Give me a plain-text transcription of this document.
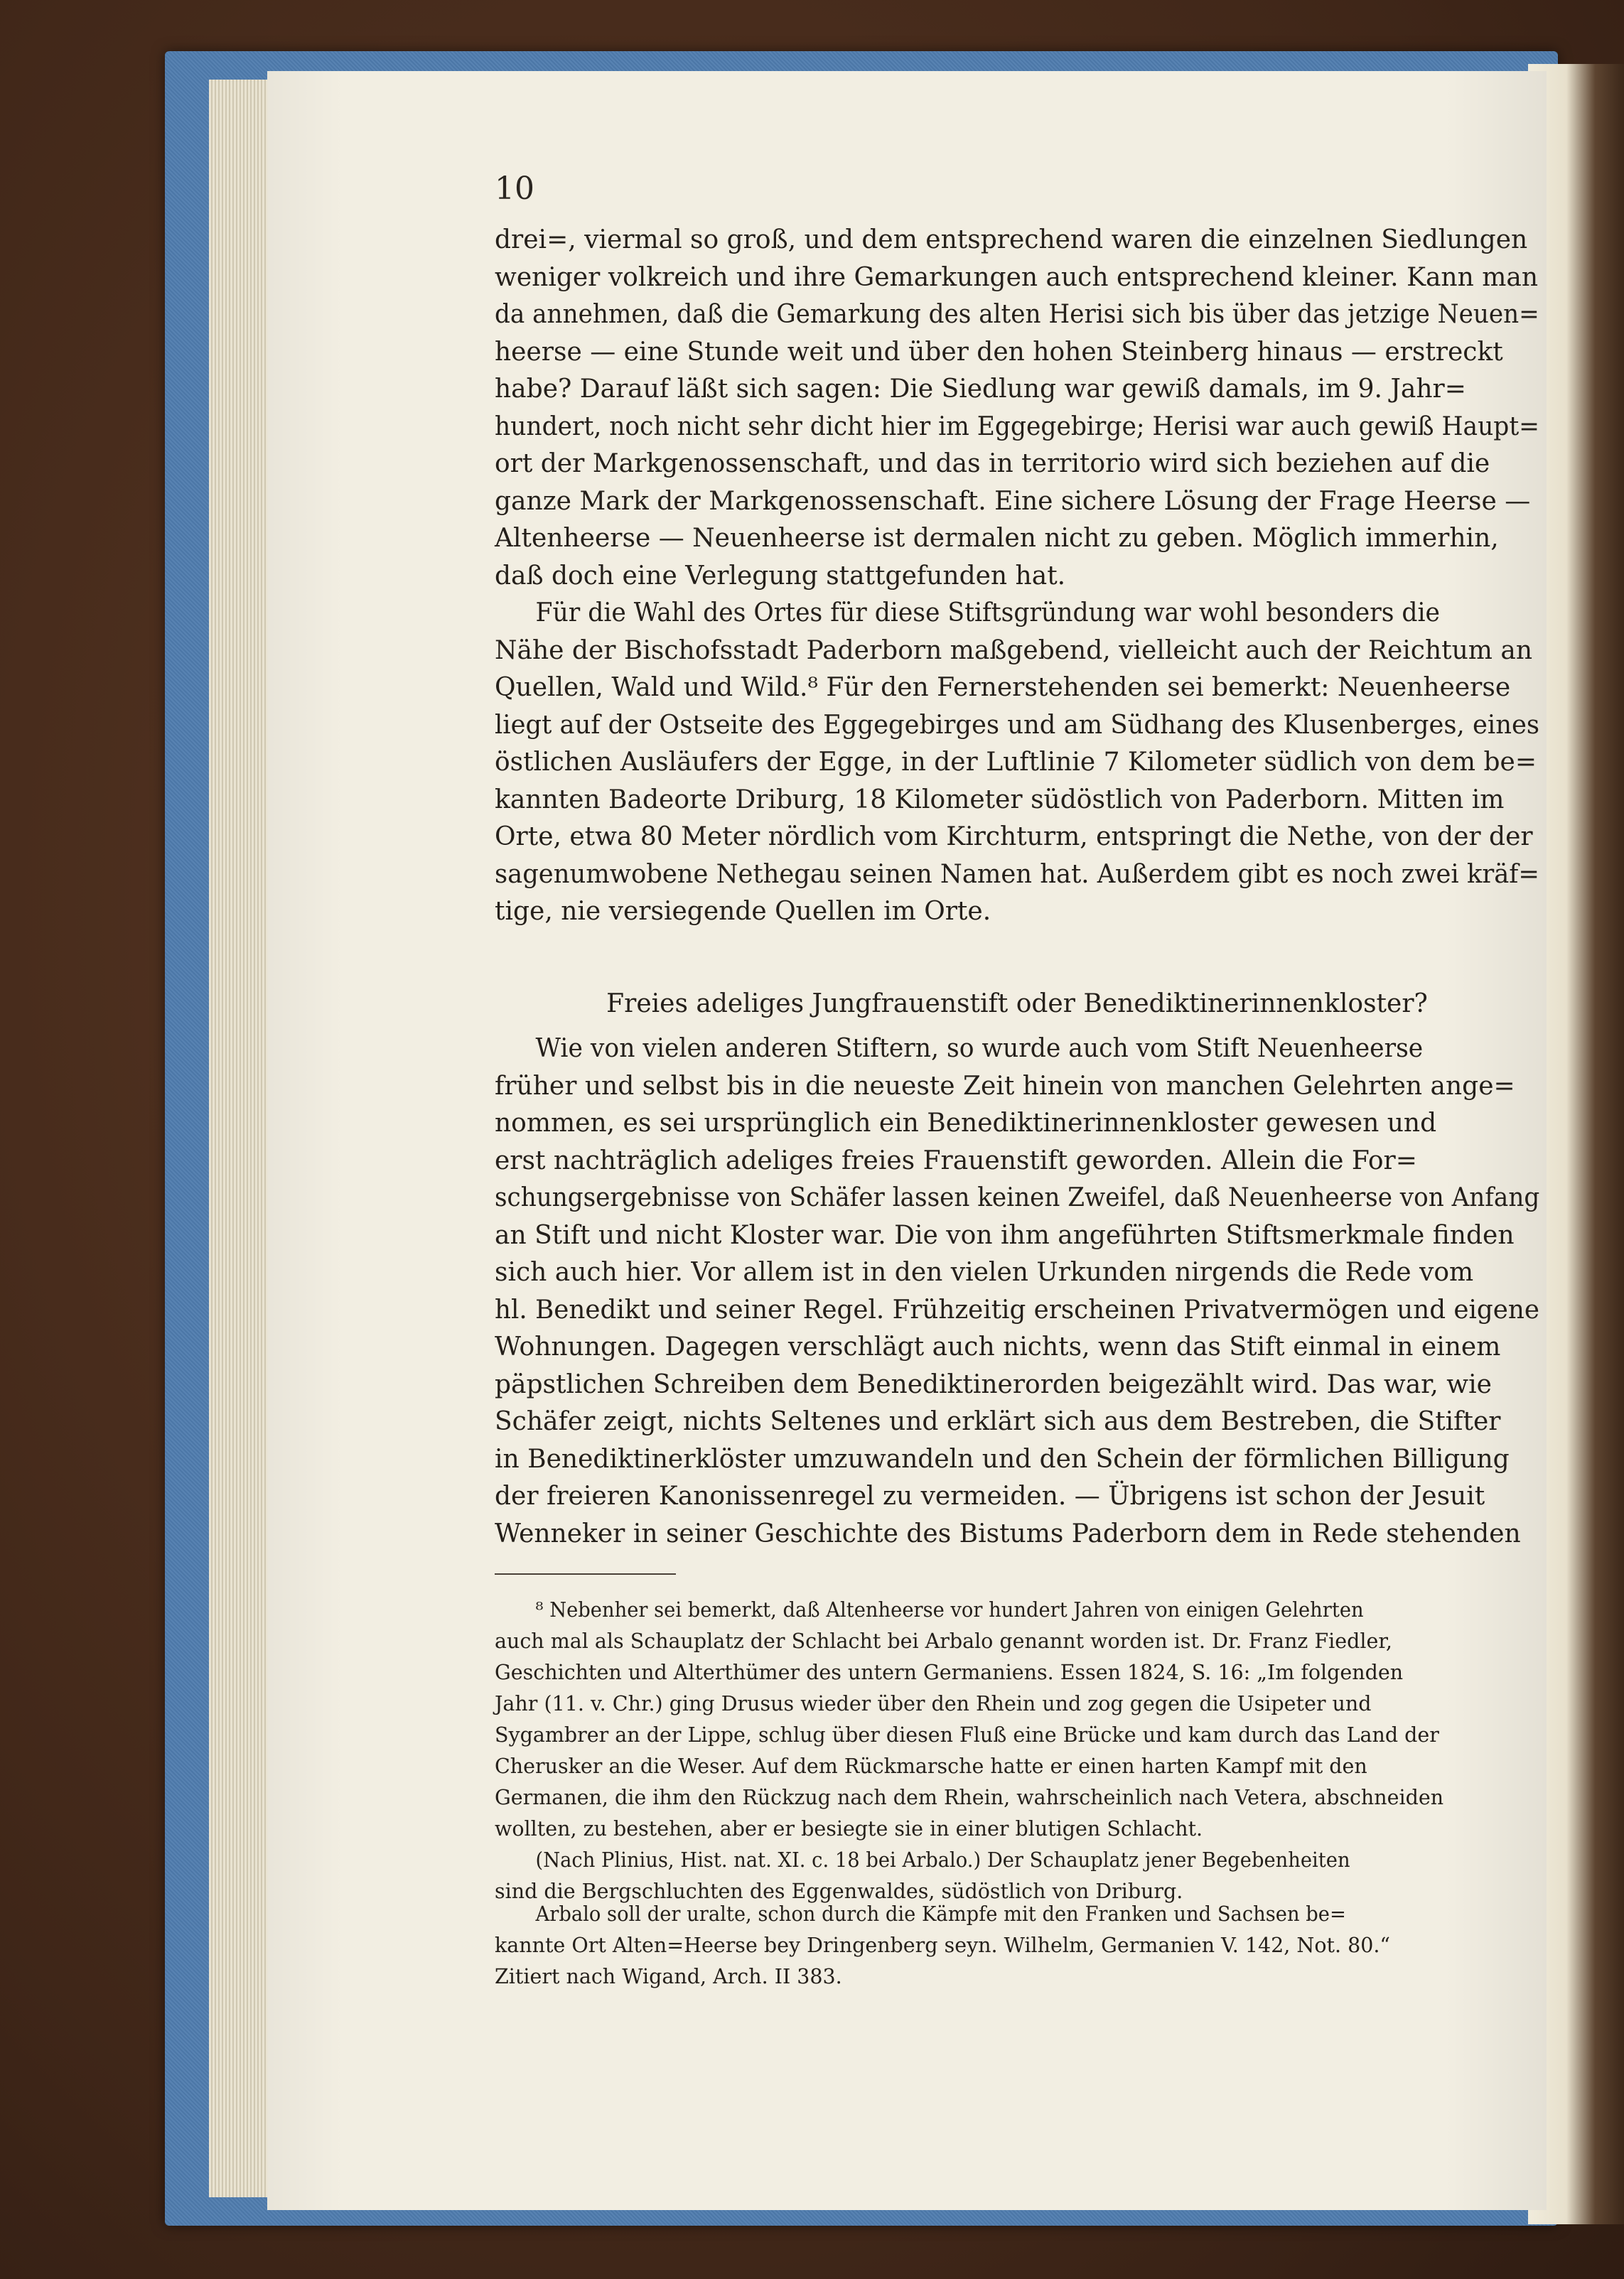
10

drei=, viermal so groß, und dem entsprechend waren die einzelnen Siedlungen
weniger volkreich und ihre Gemarkungen auch entsprechend kleiner. Kann man
da annehmen, daß die Gemarkung des alten Herisi sich bis über das jetzige Neuen=
heerse — eine Stunde weit und über den hohen Steinberg hinaus — erstreckt
habe? Darauf läßt sich sagen: Die Siedlung war gewiß damals, im 9. Jahr=
hundert, noch nicht sehr dicht hier im Eggegebirge; Herisi war auch gewiß Haupt=
ort der Markgenossenschaft, und das in territorio wird sich beziehen auf die
ganze Mark der Markgenossenschaft. Eine sichere Lösung der Frage Heerse —
Altenheerse — Neuenheerse ist dermalen nicht zu geben. Möglich immerhin,
daß doch eine Verlegung stattgefunden hat.

Für die Wahl des Ortes für diese Stiftsgründung war wohl besonders die
Nähe der Bischofsstadt Paderborn maßgebend, vielleicht auch der Reichtum an
Quellen, Wald und Wild.⁸ Für den Fernerstehenden sei bemerkt: Neuenheerse
liegt auf der Ostseite des Eggegebirges und am Südhang des Klusenberges, eines
östlichen Ausläufers der Egge, in der Luftlinie 7 Kilometer südlich von dem be=
kannten Badeorte Driburg, 18 Kilometer südöstlich von Paderborn. Mitten im
Orte, etwa 80 Meter nördlich vom Kirchturm, entspringt die Nethe, von der der
sagenumwobene Nethegau seinen Namen hat. Außerdem gibt es noch zwei kräf=
tige, nie versiegende Quellen im Orte.

Freies adeliges Jungfrauenstift oder Benediktinerinnenkloster?

Wie von vielen anderen Stiftern, so wurde auch vom Stift Neuenheerse
früher und selbst bis in die neueste Zeit hinein von manchen Gelehrten ange=
nommen, es sei ursprünglich ein Benediktinerinnenkloster gewesen und
erst nachträglich adeliges freies Frauenstift geworden. Allein die For=
schungsergebnisse von Schäfer lassen keinen Zweifel, daß Neuenheerse von Anfang
an Stift und nicht Kloster war. Die von ihm angeführten Stiftsmerkmale finden
sich auch hier. Vor allem ist in den vielen Urkunden nirgends die Rede vom
hl. Benedikt und seiner Regel. Frühzeitig erscheinen Privatvermögen und eigene
Wohnungen. Dagegen verschlägt auch nichts, wenn das Stift einmal in einem
päpstlichen Schreiben dem Benediktinerorden beigezählt wird. Das war, wie
Schäfer zeigt, nichts Seltenes und erklärt sich aus dem Bestreben, die Stifter
in Benediktinerklöster umzuwandeln und den Schein der förmlichen Billigung
der freieren Kanonissenregel zu vermeiden. — Übrigens ist schon der Jesuit
Wenneker in seiner Geschichte des Bistums Paderborn dem in Rede stehenden

⁸ Nebenher sei bemerkt, daß Altenheerse vor hundert Jahren von einigen Gelehrten
auch mal als Schauplatz der Schlacht bei Arbalo genannt worden ist. Dr. Franz Fiedler,
Geschichten und Alterthümer des untern Germaniens. Essen 1824, S. 16: „Im folgenden
Jahr (11. v. Chr.) ging Drusus wieder über den Rhein und zog gegen die Usipeter und
Sygambrer an der Lippe, schlug über diesen Fluß eine Brücke und kam durch das Land der
Cherusker an die Weser. Auf dem Rückmarsche hatte er einen harten Kampf mit den
Germanen, die ihm den Rückzug nach dem Rhein, wahrscheinlich nach Vetera, abschneiden
wollten, zu bestehen, aber er besiegte sie in einer blutigen Schlacht.
(Nach Plinius, Hist. nat. XI. c. 18 bei Arbalo.) Der Schauplatz jener Begebenheiten
sind die Bergschluchten des Eggenwaldes, südöstlich von Driburg.
Arbalo soll der uralte, schon durch die Kämpfe mit den Franken und Sachsen be=
kannte Ort Alten=Heerse bey Dringenberg seyn. Wilhelm, Germanien V. 142, Not. 80.“
Zitiert nach Wigand, Arch. II 383.
